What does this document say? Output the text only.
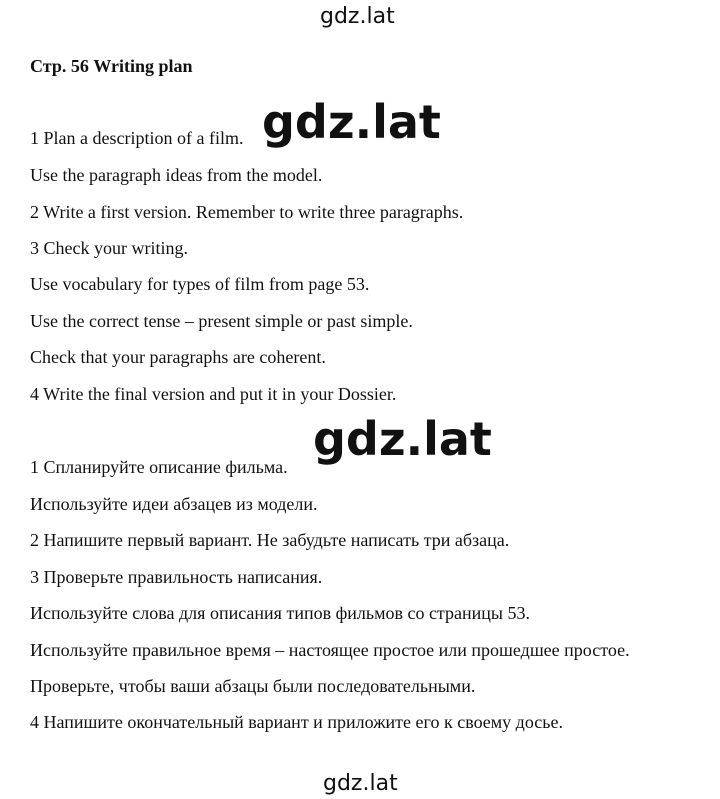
gdz.lat
Стр. 56 Writing plan
1 Plan a description of a film.
Use the paragraph ideas from the model.
2 Write a first version. Remember to write three paragraphs.
3 Check your writing.
Use vocabulary for types of film from page 53.
Use the correct tense – present simple or past simple.
Check that your paragraphs are coherent.
4 Write the final version and put it in your Dossier.
1 Спланируйте описание фильма.
Используйте идеи абзацев из модели.
2 Напишите первый вариант. Не забудьте написать три абзаца.
3 Проверьте правильность написания.
Используйте слова для описания типов фильмов со страницы 53.
Используйте правильное время – настоящее простое или прошедшее простое.
Проверьте, чтобы ваши абзацы были последовательными.
4 Напишите окончательный вариант и приложите его к своему досье.
gdz.lat
gdz.lat
gdz.lat
